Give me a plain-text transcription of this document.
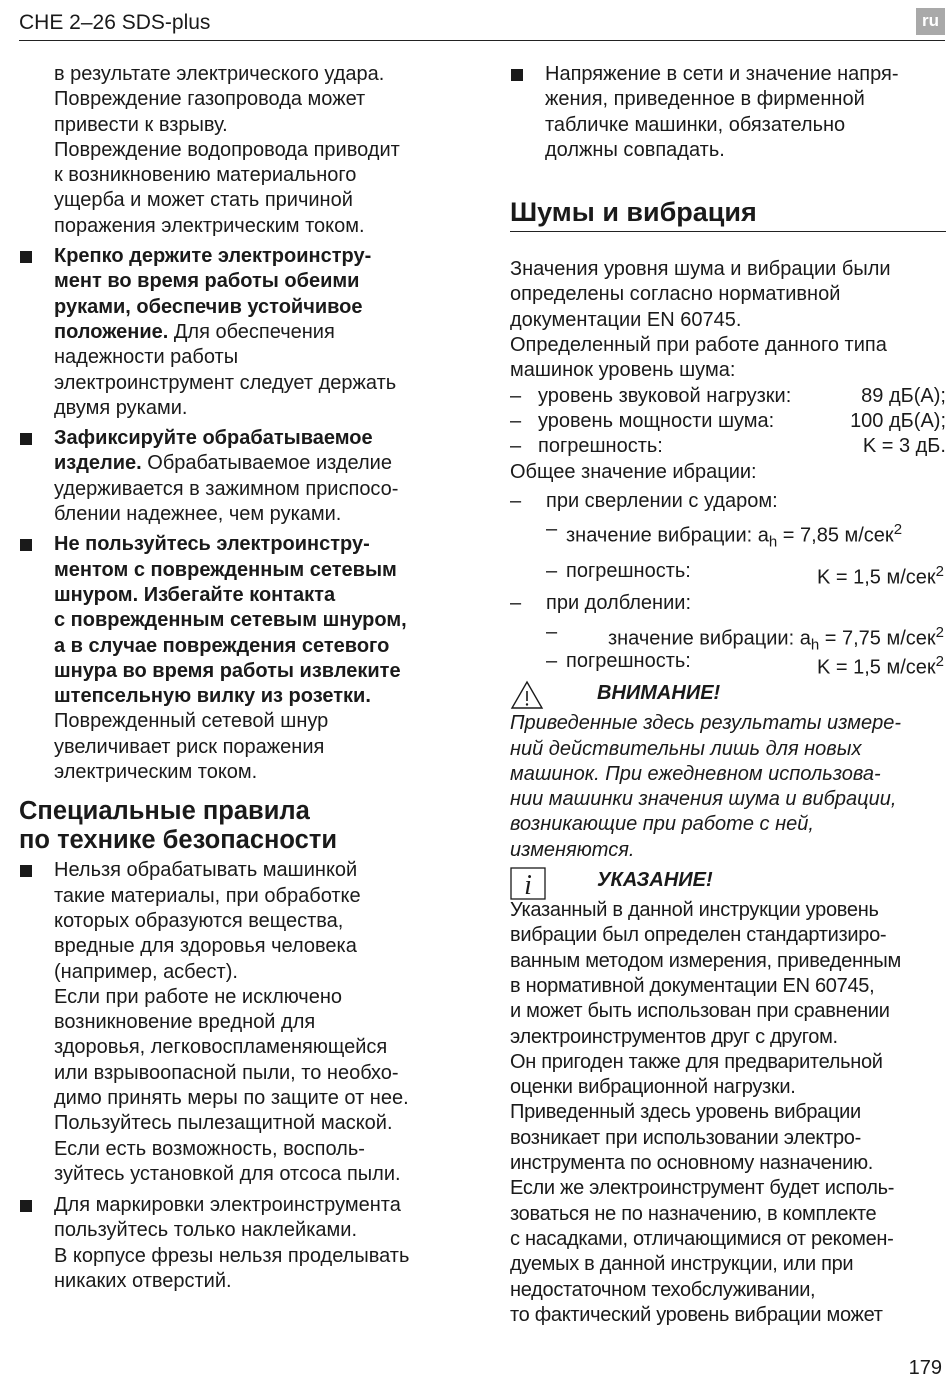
CHE 2–26 SDS-plus	ru
в результате электрического удара.
Повреждение газопровода может
привести к взрыву.
Повреждение водопровода приводит
к возникновению материального
ущерба и может стать причиной
поражения электрическим током.
Крепко держите электроинстру-
мент во время работы обеими
руками, обеспечив устойчивое
положение. Для обеспечения
надежности работы
электроинструмент следует держать
двумя руками.
Зафиксируйте обрабатываемое
изделие. Обрабатываемое изделие
удерживается в зажимном приспосо-
блении надежнее, чем руками.
Не пользуйтесь электроинстру-
ментом с поврежденным сетевым
шнуром. Избегайте контакта
с поврежденным сетевым шнуром,
а в случае повреждения сетевого
шнура во время работы извлеките
штепсельную вилку из розетки.
Поврежденный сетевой шнур
увеличивает риск поражения
электрическим током.
Специальные правила
по технике безопасности
Нельзя обрабатывать машинкой
такие материалы, при обработке
которых образуются вещества,
вредные для здоровья человека
(например, асбест).
Если при работе не исключено
возникновение вредной для
здоровья, легковоспламеняющейся
или взрывоопасной пыли, то необхо-
димо принять меры по защите от нее.
Пользуйтесь пылезащитной маской.
Если есть возможность, восполь-
зуйтесь установкой для отсоса пыли.
Для маркировки электроинструмента
пользуйтесь только наклейками.
В корпусе фрезы нельзя проделывать
никаких отверстий.
Напряжение в сети и значение напря-
жения, приведенное в фирменной
табличке машинки, обязательно
должны совпадать.
Шумы и вибрация

Значения уровня шума и вибрации были
определены согласно нормативной
документации EN 60745.

Определенный при работе данного типа
машинок уровень шума:

– уровень звуковой нагрузки:	89 дБ(А);
– уровень мощности шума:	100 дБ(А);
– погрешность:	K = 3 дБ.

Общее значение ибрации:

– при сверлении с ударом:
– значение вибрации: $a_h = 7,85$ м/сек$^2$
– погрешность:	K = 1,5 м/сек$^2$
– при долблении:
–	значение вибрации: $a_h = 7,75$ м/сек$^2$

– погрешность:	K = 1,5 м/сек$^2$
ВНИМАНИЕ!
Приведенные здесь результаты измере-
ний действительны лишь для новых
машинок. При ежедневном использова-
нии машинки значения шума и вибрации,
возникающие при работе с ней,
изменяются.
i	УКАЗАНИЕ!
Указанный в данной инструкции уровень
вибрации был определен стандартизиро-
ванным методом измерения, приведенным
в нормативной документации EN 60745,
и может быть использован при сравнении
электроинструментов друг с другом.
Он пригоден также для предварительной
оценки вибрационной нагрузки.
Приведенный здесь уровень вибрации
возникает при использовании электро-
инструмента по основному назначению.
Если же электроинструмент будет исполь-
зоваться не по назначению, в комплекте
с насадками, отличающимися от рекомен-
дуемых в данной инструкции, или при
недостаточном техобслуживании,
то фактический уровень вибрации может
179
